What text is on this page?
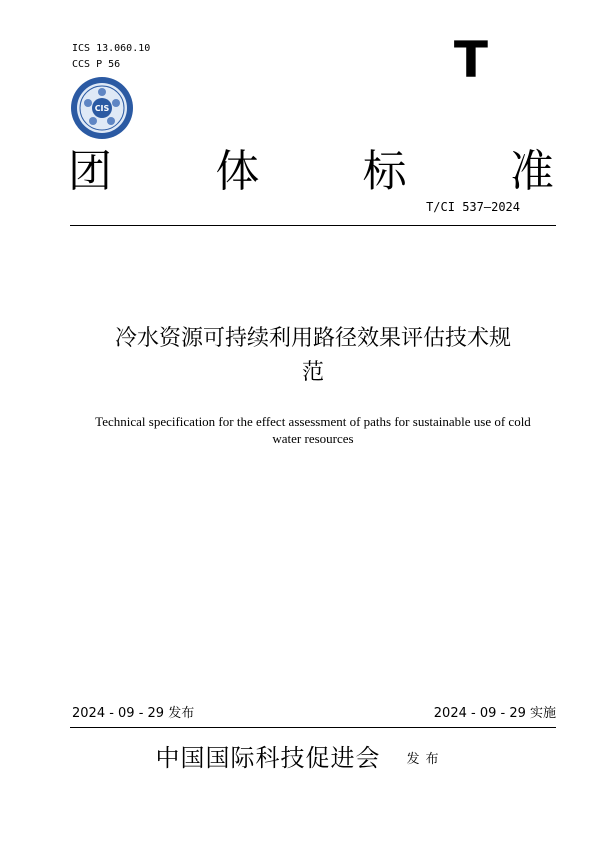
ICS 13.060.10
CCS P 56	T
CIS
团 体 标 准
T/CI 537—2024
冷水资源可持续利用路径效果评估技术规
范
Technical specification for the effect assessment of paths for sustainable use of cold
water resources
2024 - 09 - 29 发布	2024 - 09 - 29 实施
中国国际科技促进会 发布
